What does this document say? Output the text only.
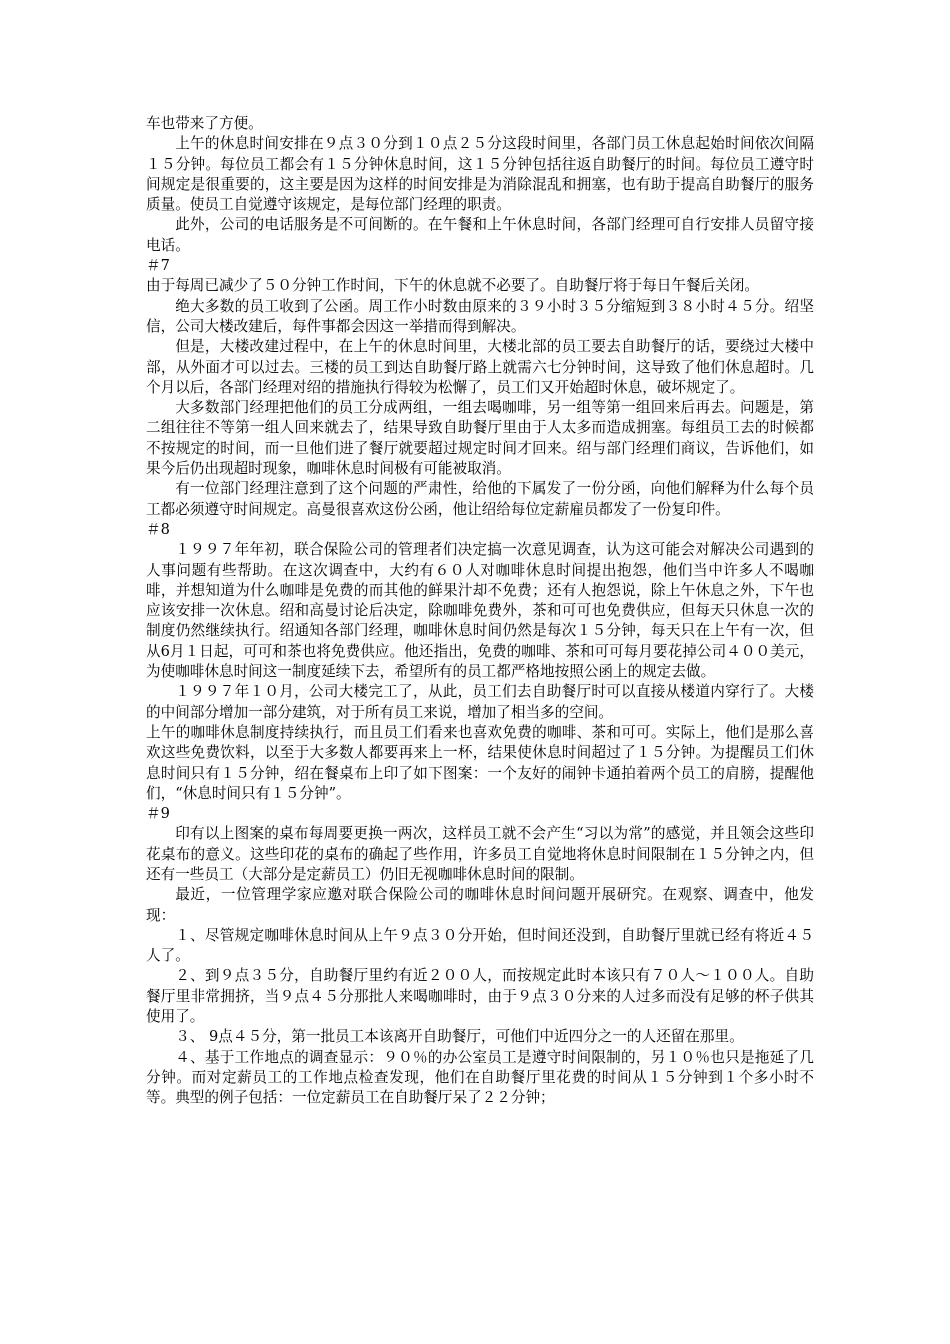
车也带来了方便。

上午的休息时间安排在９点３０分到１０点２５分这段时间里，各部门员工休息起始时间依次间隔１５分钟。每位员工都会有１５分钟休息时间，这１５分钟包括往返自助餐厅的时间。每位员工遵守时间规定是很重要的，这主要是因为这样的时间安排是为消除混乱和拥塞，也有助于提高自助餐厅的服务质量。使员工自觉遵守该规定，是每位部门经理的职责。

此外，公司的电话服务是不可间断的。在午餐和上午休息时间，各部门经理可自行安排人员留守接电话。

＃7

由于每周已减少了５０分钟工作时间，下午的休息就不必要了。自助餐厅将于每日午餐后关闭。

绝大多数的员工收到了公函。周工作小时数由原来的３９小时３５分缩短到３８小时４５分。绍坚信，公司大楼改建后，每件事都会因这一举措而得到解决。

但是，大楼改建过程中，在上午的休息时间里，大楼北部的员工要去自助餐厅的话，要绕过大楼中部，从外面才可以过去。三楼的员工到达自助餐厅路上就需六七分钟时间，这导致了他们休息超时。几个月以后，各部门经理对绍的措施执行得较为松懈了，员工们又开始超时休息，破坏规定了。

大多数部门经理把他们的员工分成两组，一组去喝咖啡，另一组等第一组回来后再去。问题是，第二组往往不等第一组人回来就去了，结果导致自助餐厅里由于人太多而造成拥塞。每组员工去的时候都不按规定的时间，而一旦他们进了餐厅就要超过规定时间才回来。绍与部门经理们商议，告诉他们，如果今后仍出现超时现象，咖啡休息时间极有可能被取消。

有一位部门经理注意到了这个问题的严肃性，给他的下属发了一份分函，向他们解释为什么每个员工都必须遵守时间规定。高曼很喜欢这份公函，他让绍给每位定薪雇员都发了一份复印件。

＃8

１９９７年年初，联合保险公司的管理者们决定搞一次意见调查，认为这可能会对解决公司遇到的人事问题有些帮助。在这次调查中，大约有６０人对咖啡休息时间提出抱怨，他们当中许多人不喝咖啡，并想知道为什么咖啡是免费的而其他的鲜果汁却不免费；还有人抱怨说，除上午休息之外，下午也应该安排一次休息。绍和高曼讨论后决定，除咖啡免费外，茶和可可也免费供应，但每天只休息一次的制度仍然继续执行。绍通知各部门经理，咖啡休息时间仍然是每次１５分钟，每天只在上午有一次，但从6月１日起，可可和茶也将免费供应。他还指出，免费的咖啡、茶和可可每月要花掉公司４００美元，为使咖啡休息时间这一制度延续下去，希望所有的员工都严格地按照公函上的规定去做。

１９９７年１０月，公司大楼完工了，从此，员工们去自助餐厅时可以直接从楼道内穿行了。大楼的中间部分增加一部分建筑，对于所有员工来说，增加了相当多的空间。

上午的咖啡休息制度持续执行，而且员工们看来也喜欢免费的咖啡、茶和可可。实际上，他们是那么喜欢这些免费饮料，以至于大多数人都要再来上一杯，结果使休息时间超过了１５分钟。为提醒员工们休息时间只有１５分钟，绍在餐桌布上印了如下图案：一个友好的闹钟卡通拍着两个员工的肩膀，提醒他们，“休息时间只有１５分钟”。

＃9

印有以上图案的桌布每周要更换一两次，这样员工就不会产生“习以为常”的感觉，并且领会这些印花桌布的意义。这些印花的桌布的确起了些作用，许多员工自觉地将休息时间限制在１５分钟之内，但还有一些员工（大部分是定薪员工）仍旧无视咖啡休息时间的限制。

最近，一位管理学家应邀对联合保险公司的咖啡休息时间问题开展研究。在观察、调查中，他发现：

１、尽管规定咖啡休息时间从上午９点３０分开始，但时间还没到，自助餐厅里就已经有将近４５人了。

２、到９点３５分，自助餐厅里约有近２００人，而按规定此时本该只有７０人～１００人。自助餐厅里非常拥挤，当９点４５分那批人来喝咖啡时，由于９点３０分来的人过多而没有足够的杯子供其使用了。

３、 9点４５分，第一批员工本该离开自助餐厅，可他们中近四分之一的人还留在那里。

４、基于工作地点的调查显示：９０％的办公室员工是遵守时间限制的，另１０％也只是拖延了几分钟。而对定薪员工的工作地点检查发现，他们在自助餐厅里花费的时间从１５分钟到１个多小时不等。典型的例子包括：一位定薪员工在自助餐厅呆了２２分钟；
